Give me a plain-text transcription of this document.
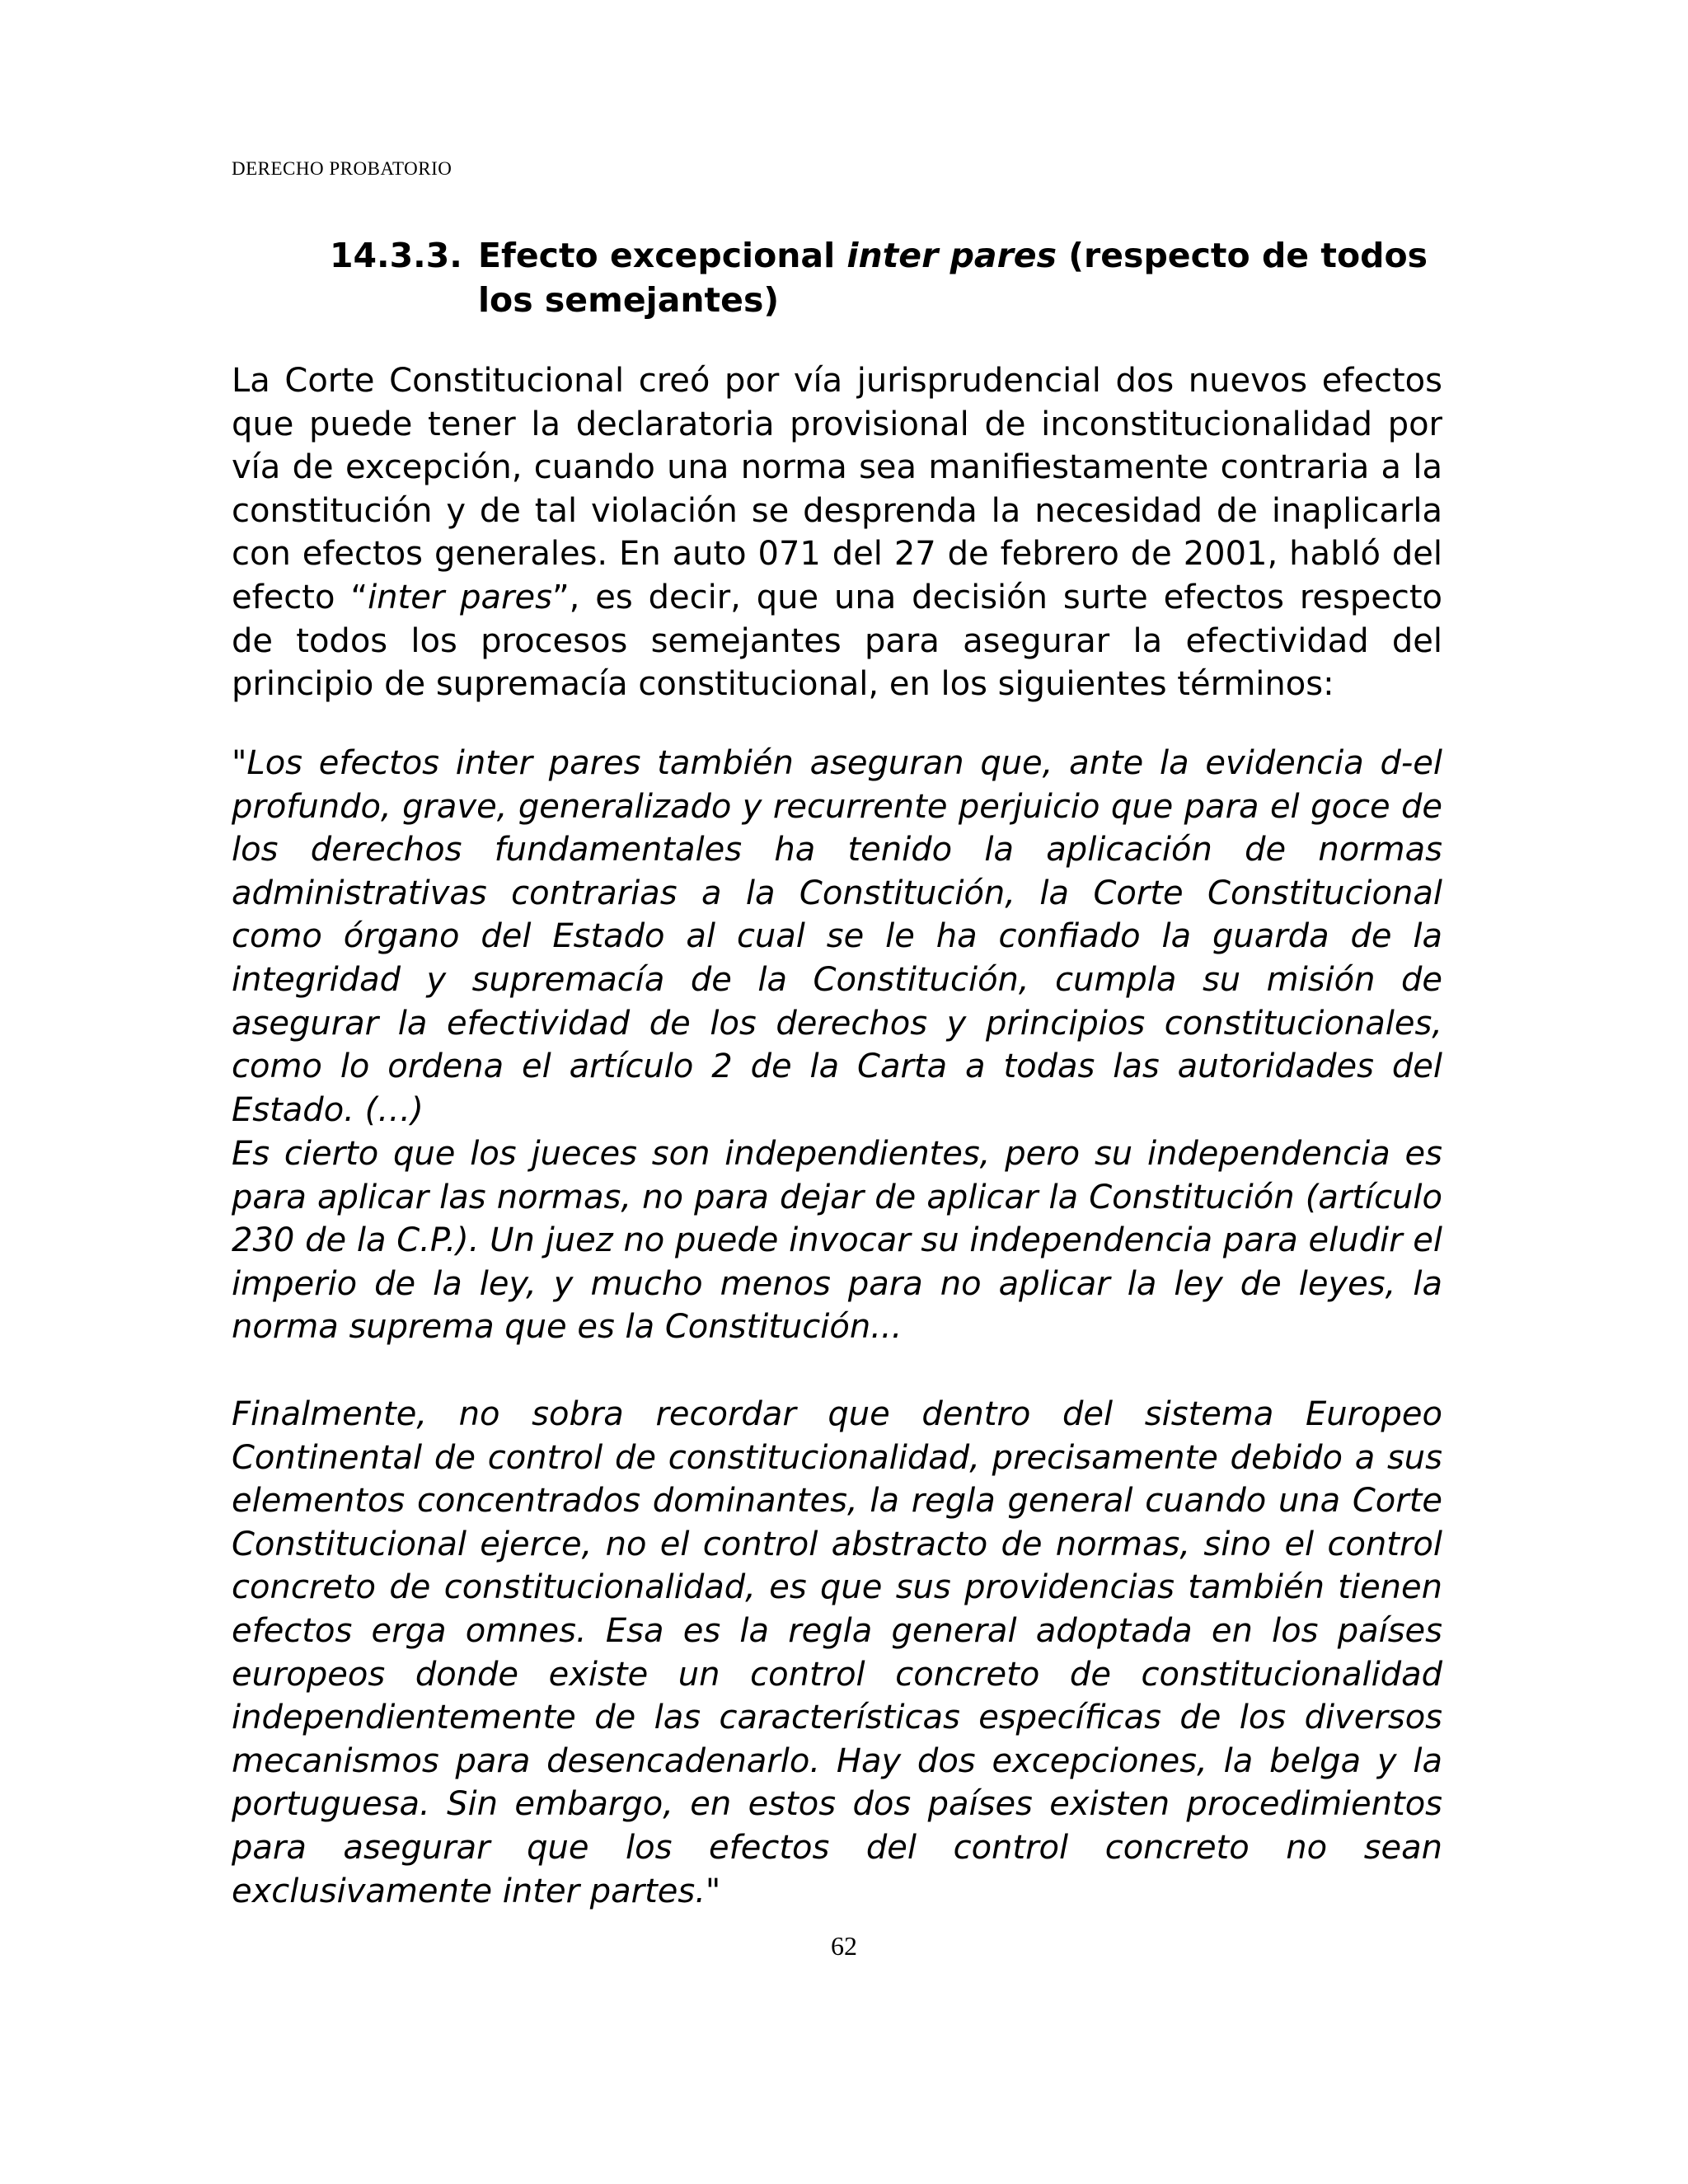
DERECHO PROBATORIO
14.3.3. Efecto excepcional inter pares (respecto de todos los semejantes)

La Corte Constitucional creó por vía jurisprudencial dos nuevos efectos que puede tener la declaratoria provisional de inconstitucionalidad por vía de excepción, cuando una norma sea manifiestamente contraria a la constitución y de tal violación se desprenda la necesidad de inaplicarla con efectos generales. En auto 071 del 27 de febrero de 2001, habló del efecto “inter pares”, es decir, que una decisión surte efectos respecto de todos los procesos semejantes para asegurar la efectividad del principio de supremacía constitucional, en los siguientes términos:

"Los efectos inter pares también aseguran que, ante la evidencia d-el profundo, grave, generalizado y recurrente perjuicio que para el goce de los derechos fundamentales ha tenido la aplicación de normas administrativas contrarias a la Constitución, la Corte Constitucional como órgano del Estado al cual se le ha confiado la guarda de la integridad y supremacía de la Constitución, cumpla su misión de asegurar la efectividad de los derechos y principios constitucionales, como lo ordena el artículo 2 de la Carta a todas las autoridades del Estado. (…)

Es cierto que los jueces son independientes, pero su independencia es para aplicar las normas, no para dejar de aplicar la Constitución (artículo 230 de la C.P.). Un juez no puede invocar su independencia para eludir el imperio de la ley, y mucho menos para no aplicar la ley de leyes, la norma suprema que es la Constitución...

Finalmente, no sobra recordar que dentro del sistema Europeo Continental de control de constitucionalidad, precisamente debido a sus elementos concentrados dominantes, la regla general cuando una Corte Constitucional ejerce, no el control abstracto de normas, sino el control concreto de constitucionalidad, es que sus providencias también tienen efectos erga omnes. Esa es la regla general adoptada en los países europeos donde existe un control concreto de constitucionalidad independientemente de las características específicas de los diversos mecanismos para desencadenarlo. Hay dos excepciones, la belga y la portuguesa. Sin embargo, en estos dos países existen procedimientos para asegurar que los efectos del control concreto no sean exclusivamente inter partes."

62
